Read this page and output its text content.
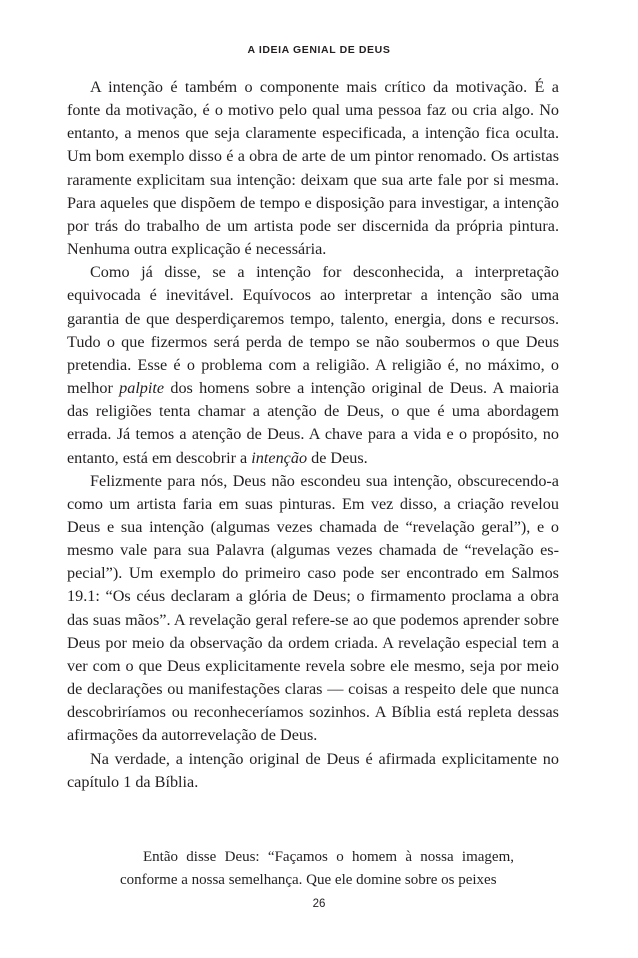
A IDEIA GENIAL DE DEUS

A intenção é também o componente mais crítico da motivação. É a fonte da motivação, é o motivo pelo qual uma pessoa faz ou cria algo. No entanto, a menos que seja claramente especificada, a intenção fica oculta. Um bom exemplo disso é a obra de arte de um pintor renomado. Os artistas raramente explicitam sua intenção: deixam que sua arte fale por si mesma. Para aqueles que dispõem de tempo e disposição para investigar, a intenção por trás do trabalho de um artista pode ser discernida da própria pintura. Nenhuma outra explicação é necessária.

Como já disse, se a intenção for desconhecida, a interpretação equivocada é inevitável. Equívocos ao interpretar a intenção são uma garantia de que desperdiçaremos tempo, talento, energia, dons e recursos. Tudo o que fizermos será perda de tempo se não soubermos o que Deus pretendia. Esse é o problema com a religião. A religião é, no máximo, o melhor palpite dos homens sobre a intenção original de Deus. A maioria das religiões tenta chamar a atenção de Deus, o que é uma abordagem errada. Já temos a atenção de Deus. A chave para a vida e o propósito, no entanto, está em descobrir a intenção de Deus.

Felizmente para nós, Deus não escondeu sua intenção, obscurecendo-a como um artista faria em suas pinturas. Em vez disso, a criação revelou Deus e sua intenção (algumas vezes chamada de “revelação geral”), e o mesmo vale para sua Palavra (algumas vezes chamada de “revelação especial”). Um exemplo do primeiro caso pode ser encontrado em Salmos 19.1: “Os céus declaram a glória de Deus; o firmamento proclama a obra das suas mãos”. A revelação geral refere-se ao que podemos aprender sobre Deus por meio da observação da ordem criada. A revelação especial tem a ver com o que Deus explicitamente revela sobre ele mesmo, seja por meio de declarações ou manifestações claras — coisas a respeito dele que nunca descobriríamos ou reconheceríamos sozinhos. A Bíblia está repleta dessas afirmações da autorrevelação de Deus.

Na verdade, a intenção original de Deus é afirmada explicitamente no capítulo 1 da Bíblia.

Então disse Deus: “Façamos o homem à nossa imagem, conforme a nossa semelhança. Que ele domine sobre os peixes

26
